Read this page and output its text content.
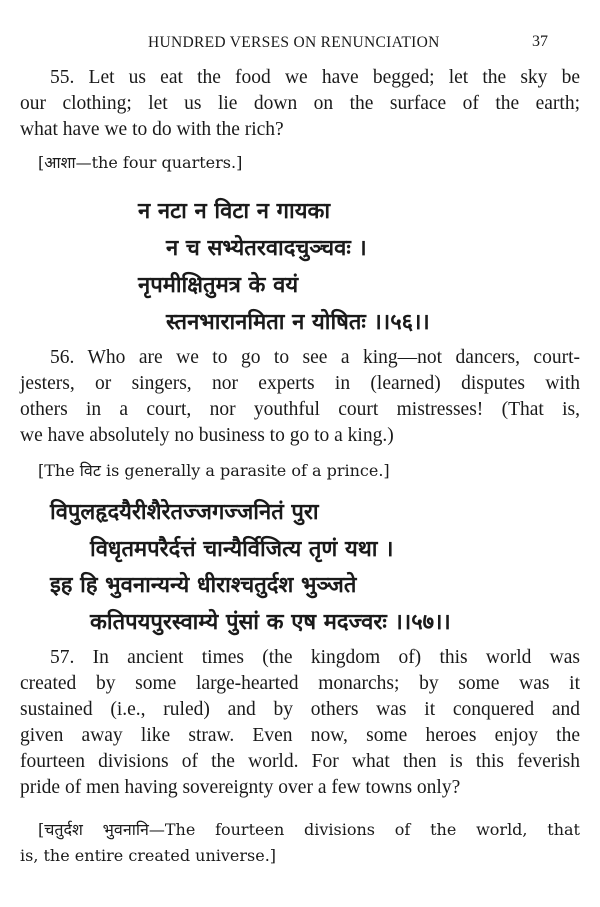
HUNDRED VERSES ON RENUNCIATION	37
55. Let us eat the food we have begged; let the sky be
our clothing; let us lie down on the surface of the earth;
what have we to do with the rich?
[आशा—the four quarters.]
न नटा न विटा न गायका
न च सभ्येतरवादचुञ्चवः ।
नृपमीक्षितुमत्र के वयं
स्तनभारानमिता न योषितः ।।५६।।
56. Who are we to go to see a king—not dancers, court-
jesters, or singers, nor experts in (learned) disputes with
others in a court, nor youthful court mistresses! (That is,
we have absolutely no business to go to a king.)
[The विट is generally a parasite of a prince.]
विपुलहृदयैरीशैरेतज्जगज्जनितं पुरा
विधृतमपरैर्दत्तं चान्यैर्विजित्य तृणं यथा ।
इह हि भुवनान्यन्ये धीराश्चतुर्दश भुञ्जते
कतिपयपुरस्वाम्ये पुंसां क एष मदज्वरः ।।५७।।
57. In ancient times (the kingdom of) this world was
created by some large-hearted monarchs; by some was it
sustained (i.e., ruled) and by others was it conquered and
given away like straw. Even now, some heroes enjoy the
fourteen divisions of the world. For what then is this feverish
pride of men having sovereignty over a few towns only?
[चतुर्दश भुवनानि—The fourteen divisions of the world, that
is, the entire created universe.]
